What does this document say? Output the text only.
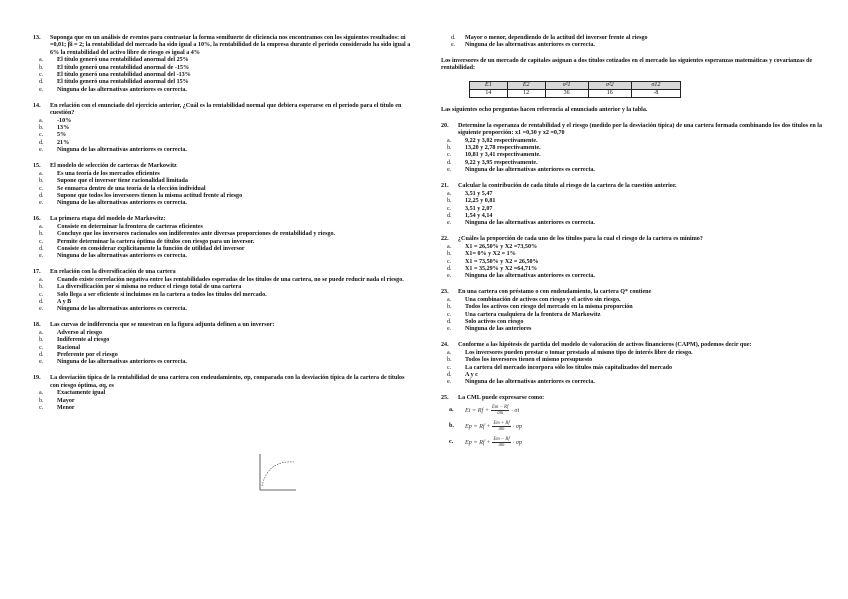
13.	Suponga que en un análisis de eventos para contrastar la forma semifuerte de eficiencia nos encontramos con los siguientes resultados: αi =0,01; βi = 2; la rentabilidad del mercado ha sido igual a 10%, la rentabilidad de la empresa durante el periodo considerado ha sido igual a 6% la rentabilidad del activo libre de riesgo es igual a 4%
a.	El título generó una rentabilidad anormal del 25%
b.	El título generó una rentabilidad anormal de -15%
c.	El título generó una rentabilidad anormal del -13%
d.	El título generó una rentabilidad anormal del 15%
e.	Ninguna de las alternativas anteriores es correcta.
14.	En relación con el enunciado del ejercicio anterior, ¿Cuál es la rentabilidad normal que debiera esperarse en el periodo para el título en cuestión?
a.	-10%
b.	13%
c.	5%
d.	21%
e.	Ninguna de las alternativas anteriores es correcta.
15.	El modelo de selección de carteras de Markowitz
a.	Es una teoría de los mercados eficientes
b.	Supone que el inversor tiene racionalidad limitada
c.	Se enmarca dentro de una teoría de la elección individual
d.	Supone que todos los inversores tienen la misma actitud frente al riesgo
e.	Ninguna de las alternativas anteriores es correcta.
16.	La primera etapa del modelo de Markowitz:
a.	Consiste en determinar la frontera de carteras eficientes
b.	Concluye que los inversores racionales son indiferentes ante diversas proporciones de rentabilidad y riesgo.
c.	Permite determinar la cartera óptima de títulos con riesgo para un inversor.
d.	Consiste en considerar explícitamente la función de utilidad del inversor
e.	Ninguna de las alternativas anteriores es correcta.
17.	En relación con la diversificación de una cartera
a.	Cuando existe correlación negativa entre las rentabilidades esperadas de los títulos de una cartera, no se puede reducir nada el riesgo.
b.	La diversificación por sí misma no reduce el riesgo total de una cartera
c.	Solo llega a ser eficiente si incluimos en la cartera a todos los títulos del mercado.
d.	A y B
e.	Ninguna de las alternativas anteriores es correcta.
18.	Las curvas de indiferencia que se muestran en la figura adjunta definen a un inversor:
a.	Adverso al riesgo
b.	Indiferente al riesgo
c.	Racional
d.	Preferente por el riesgo
e.	Ninguna de las alternativas anteriores es correcta.
19.	La desviación típica de la rentabilidad de una cartera con endeudamiento, σp, comparada con la desviación típica de la cartera de títulos con riesgo óptima, σq, es
a.	Exactamente igual
b.	Mayor
c.	Menor
d.	Mayor o menor, dependiendo de la actitud del inversor frente al riesgo
e.	Ninguna de las alternativas anteriores es correcta.
Los inversores de un mercado de capitales asignan a dos títulos cotizados en el mercado las siguientes esperanzas matemáticas y covarianzas de rentabilidad:
E1	E2	σ²1	σ²2	σ12
14	12	36	16	-8
Las siguientes ocho preguntas hacen referencia al enunciado anterior y la tabla.
20.	Determine la esperanza de rentabilidad y el riesgo (medido por la desviación típica) de una cartera formada combinando los dos títulos en la siguiente proporción: x1 =0,30 y x2 =0,70
a.	9,22 y 3,02 respectivamente.
b.	13,20 y 2,78 respectivamente.
c.	10,81 y 3,41 respectivamente.
d.	9,22 y 3,95 respectivamente.
e.	Ninguna de las alternativas anteriores es correcta.
21.	Calcular la contribución de cada título al riesgo de la cartera de la cuestión anterior.
a.	3,51 y 5,47
b.	12,25 y 0,81
c.	3,51 y 2,07
d.	1,54 y 4,14
e.	Ninguna de las alternativas anteriores es correcta.
22.	¿Cuáles la proporción de cada uno de los títulos para la cual el riesgo de la cartera es mínimo?
a.	X1 = 26,50% y X2 =73,50%
b.	X1= 0% y X2 = 1%
c.	X1 = 73,50% y X2 = 26,50%
d.	X1 = 35,29% y X2 =64,71%
e.	Ninguna de las alternativas anteriores es correcta.
23.	En una cartera con préstamo o con endeudamiento, la cartera Q* contiene
a.	Una combinación de activos con riesgo y el activo sin riesgo.
b.	Todos los activos con riesgo del mercado en la misma proporción
c.	Una cartera cualquiera de la frontera de Markowitz
d.	Solo activos con riesgo
e.	Ninguna de las anteriores
24.	Conforme a las hipótesis de partida del modelo de valoración de activos financieros (CAPM), podemos decir que:
a.	Los inversores pueden prestar o tomar prestado al mismo tipo de interés libre de riesgo.
b.	Todos los inversores tienen el mismo presupuesto
c.	La cartera del mercado incorpora sólo los títulos más capitalizados del mercado
d.	A y c
e.	Ninguna de las alternativas anteriores es correcta.
25.	La CML puede expresarse como:
a.	$Ei = Rf + \frac{Em - Rf}{\sigma m} \cdot \sigma i$
b.	$Ep = Rf + \frac{Em + Rf}{\sigma m} \cdot \sigma p$
c.	$Ep = Rf + \frac{Em - Rf}{\sigma m} \cdot \sigma p$
